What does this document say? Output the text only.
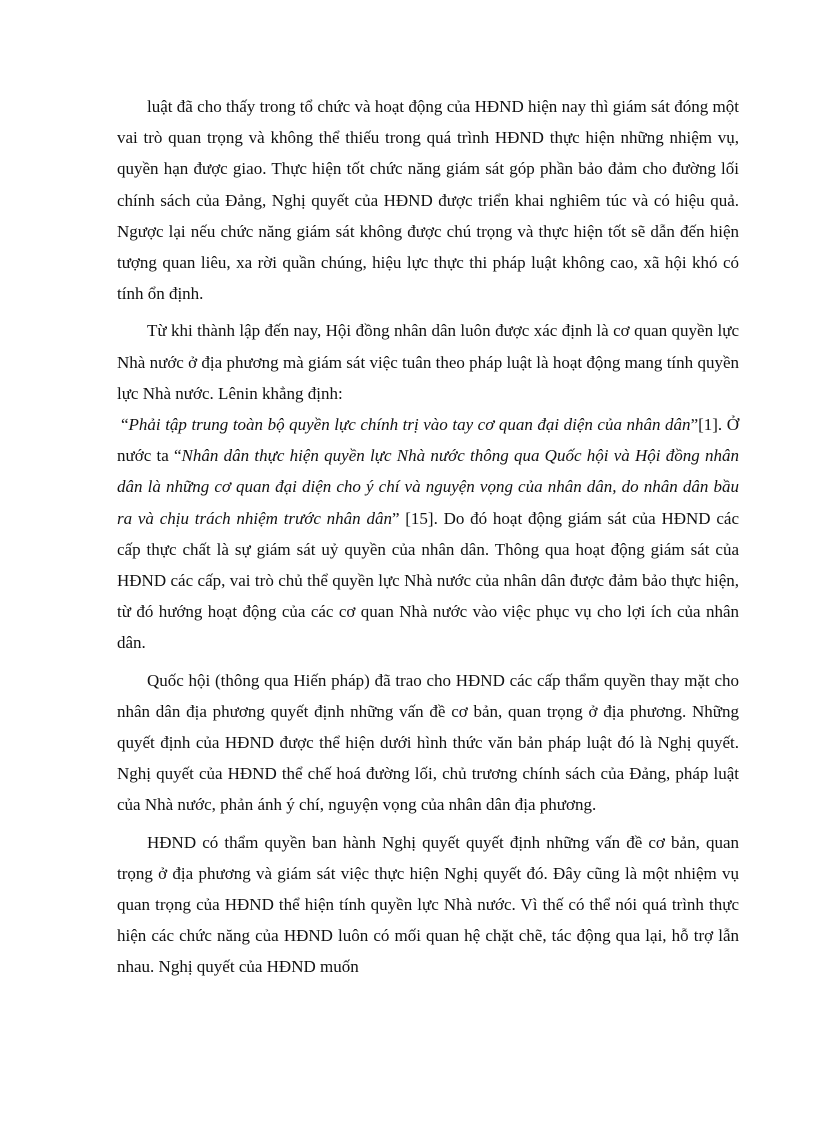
luật đã cho thấy trong tổ chức và hoạt động của HĐND hiện nay thì giám sát đóng một vai trò quan trọng và không thể thiếu trong quá trình HĐND thực hiện những nhiệm vụ, quyền hạn được giao. Thực hiện tốt chức năng giám sát góp phần bảo đảm cho đường lối chính sách của Đảng, Nghị quyết của HĐND được triển khai nghiêm túc và có hiệu quả. Ngược lại nếu chức năng giám sát không được chú trọng và thực hiện tốt sẽ dẫn đến hiện tượng quan liêu, xa rời quần chúng, hiệu lực thực thi pháp luật không cao, xã hội khó có tính ổn định.

Từ khi thành lập đến nay, Hội đồng nhân dân luôn được xác định là cơ quan quyền lực Nhà nước ở địa phương mà giám sát việc tuân theo pháp luật là hoạt động mang tính quyền lực Nhà nước. Lênin khẳng định:

“Phải tập trung toàn bộ quyền lực chính trị vào tay cơ quan đại diện của nhân dân”[1]. Ở nước ta “Nhân dân thực hiện quyền lực Nhà nước thông qua Quốc hội và Hội đồng nhân dân là những cơ quan đại diện cho ý chí và nguyện vọng của nhân dân, do nhân dân bầu ra và chịu trách nhiệm trước nhân dân” [15]. Do đó hoạt động giám sát của HĐND các cấp thực chất là sự giám sát uỷ quyền của nhân dân. Thông qua hoạt động giám sát của HĐND các cấp, vai trò chủ thể quyền lực Nhà nước của nhân dân được đảm bảo thực hiện, từ đó hướng hoạt động của các cơ quan Nhà nước vào việc phục vụ cho lợi ích của nhân dân.

Quốc hội (thông qua Hiến pháp) đã trao cho HĐND các cấp thẩm quyền thay mặt cho nhân dân địa phương quyết định những vấn đề cơ bản, quan trọng ở địa phương. Những quyết định của HĐND được thể hiện dưới hình thức văn bản pháp luật đó là Nghị quyết. Nghị quyết của HĐND thể chế hoá đường lối, chủ trương chính sách của Đảng, pháp luật của Nhà nước, phản ánh ý chí, nguyện vọng của nhân dân địa phương.

HĐND có thẩm quyền ban hành Nghị quyết quyết định những vấn đề cơ bản, quan trọng ở địa phương và giám sát việc thực hiện Nghị quyết đó. Đây cũng là một nhiệm vụ quan trọng của HĐND thể hiện tính quyền lực Nhà nước. Vì thế có thể nói quá trình thực hiện các chức năng của HĐND luôn có mối quan hệ chặt chẽ, tác động qua lại, hỗ trợ lẫn nhau. Nghị quyết của HĐND muốn
